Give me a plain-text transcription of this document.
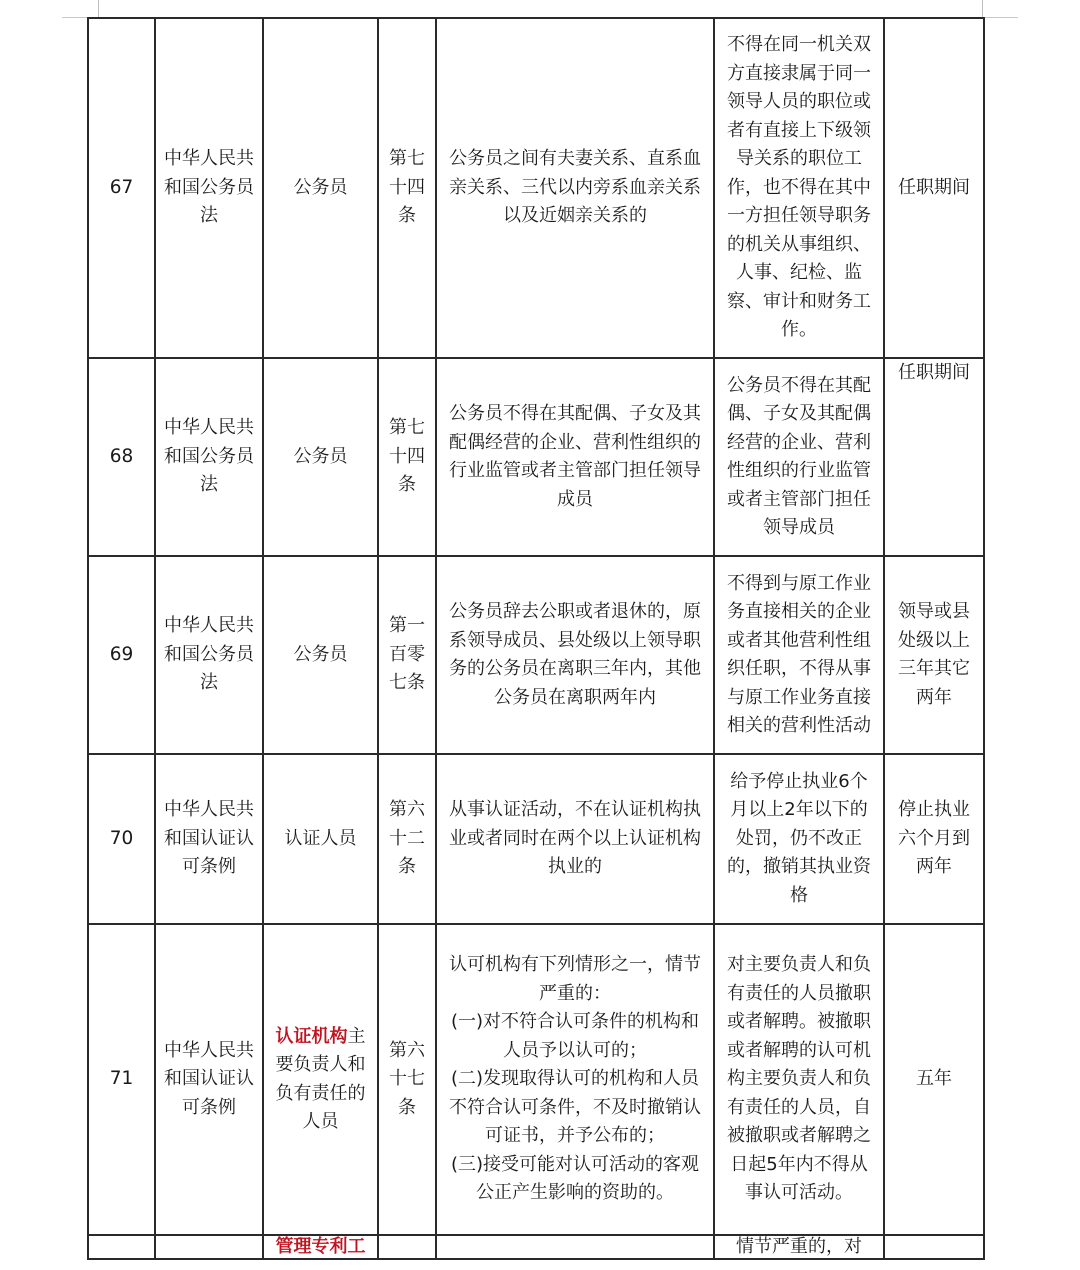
67	中华人民共和国公务员法	公务员	第七十四条	公务员之间有夫妻关系、直系血亲关系、三代以内旁系血亲关系以及近姻亲关系的	不得在同一机关双方直接隶属于同一领导人员的职位或者有直接上下级领导关系的职位工作，也不得在其中一方担任领导职务的机关从事组织、人事、纪检、监察、审计和财务工作。	任职期间
68	中华人民共和国公务员法	公务员	第七十四条	公务员不得在其配偶、子女及其配偶经营的企业、营利性组织的行业监管或者主管部门担任领导成员	公务员不得在其配偶、子女及其配偶经营的企业、营利性组织的行业监管或者主管部门担任领导成员	任职期间
69	中华人民共和国公务员法	公务员	第一百零七条	公务员辞去公职或者退休的，原系领导成员、县处级以上领导职务的公务员在离职三年内，其他公务员在离职两年内	不得到与原工作业务直接相关的企业或者其他营利性组织任职，不得从事与原工作业务直接相关的营利性活动	领导或县处级以上三年其它两年
70	中华人民共和国认证认可条例	认证人员	第六十二条	从事认证活动，不在认证机构执业或者同时在两个以上认证机构执业的	给予停止执业6个月以上2年以下的处罚，仍不改正的，撤销其执业资格	停止执业六个月到两年
71	中华人民共和国认证认可条例	认证机构主要负责人和负有责任的人员	第六十七条	认可机构有下列情形之一，情节严重的：
(一)对不符合认可条件的机构和人员予以认可的；
(二)发现取得认可的机构和人员不符合认可条件，不及时撤销认可证书，并予公布的；
(三)接受可能对认可活动的客观公正产生影响的资助的。	对主要负责人和负有责任的人员撤职或者解聘。被撤职或者解聘的认可机构主要负责人和负有责任的人员，自被撤职或者解聘之日起5年内不得从事认可活动。	五年
		管理专利工			情节严重的，对	
